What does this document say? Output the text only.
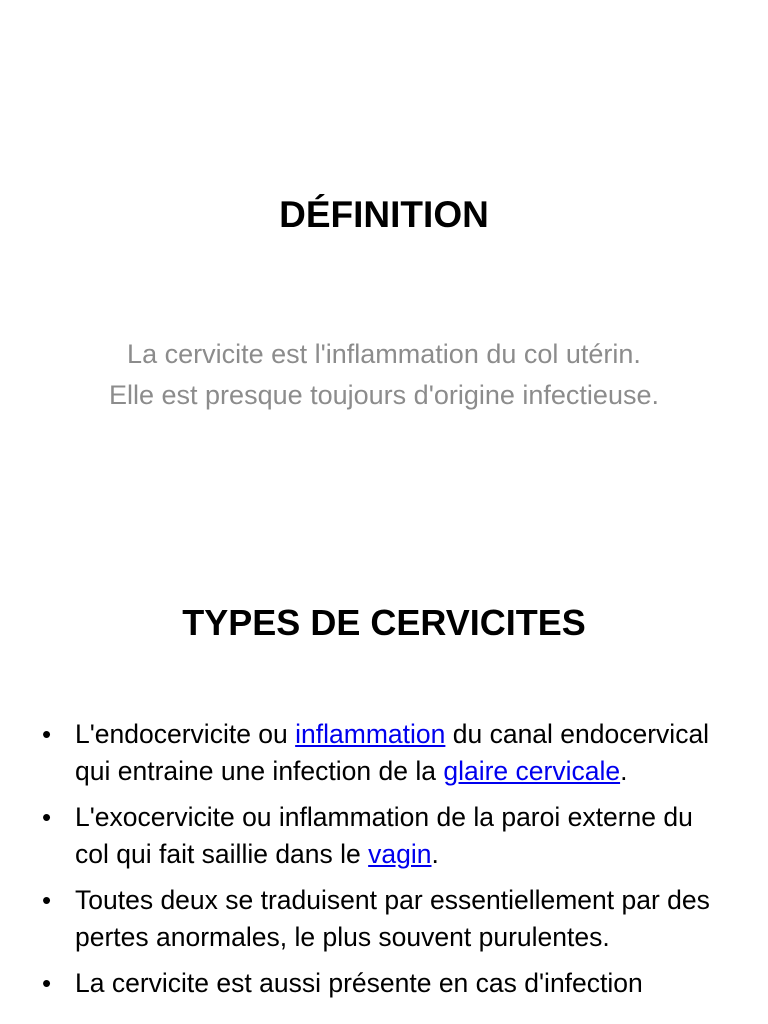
DÉFINITION
La cervicite est l'inflammation du col utérin. Elle est presque toujours d'origine infectieuse.
TYPES DE CERVICITES
• L'endocervicite ou inflammation du canal endocervical qui entraine une infection de la glaire cervicale.
• L'exocervicite ou inflammation de la paroi externe du col qui fait saillie dans le vagin.
• Toutes deux se traduisent par essentiellement par des pertes anormales, le plus souvent purulentes.
• La cervicite est aussi présente en cas d'infection
